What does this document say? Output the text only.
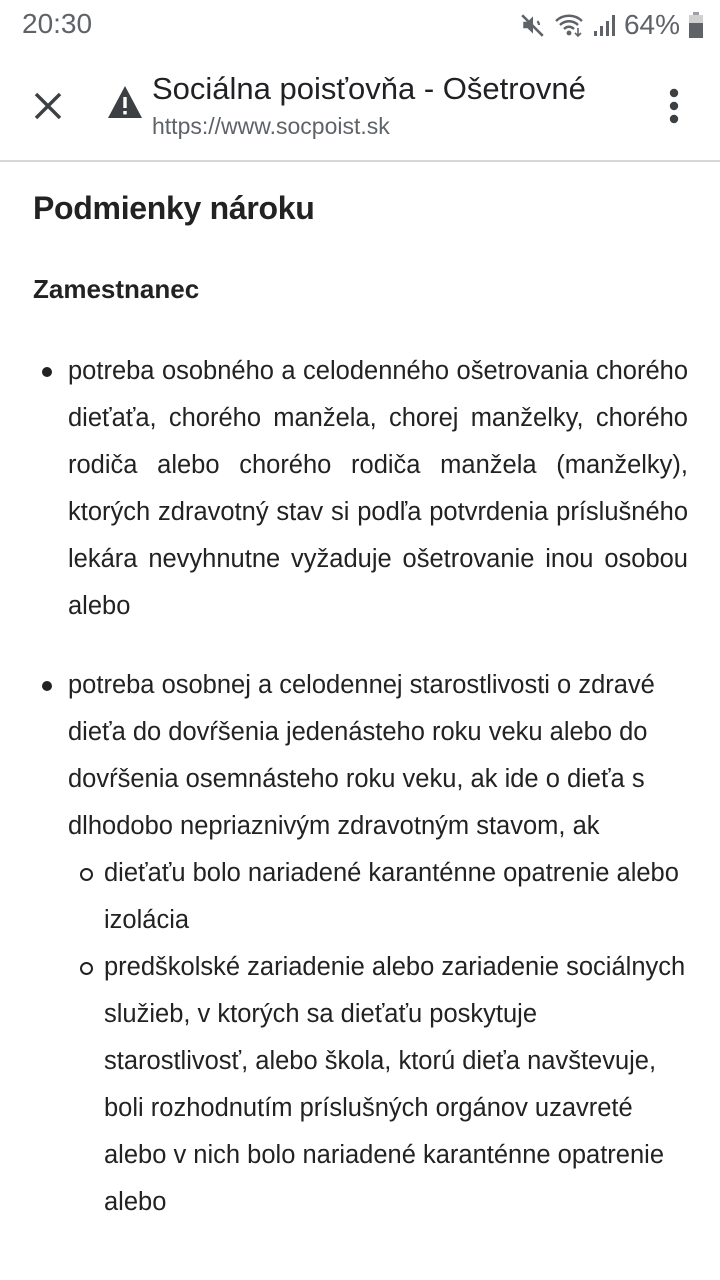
20:30	64%
Sociálna poisťovňa - Ošetrovné
https://www.socpoist.sk
Podmienky nároku
Zamestnanec
potreba osobného a celodenného ošetrovania chorého dieťaťa, chorého manžela, chorej manželky, chorého rodiča alebo chorého rodiča manžela (manželky), ktorých zdravotný stav si podľa potvrdenia príslušného lekára nevyhnutne vyžaduje ošetrovanie inou osobou alebo
potreba osobnej a celodennej starostlivosti o zdravé dieťa do dovŕšenia jedenásteho roku veku alebo do dovŕšenia osemnásteho roku veku, ak ide o dieťa s dlhodobo nepriaznivým zdravotným stavom, ak
dieťaťu bolo nariadené karanténne opatrenie alebo izolácia
predškolské zariadenie alebo zariadenie sociálnych služieb, v ktorých sa dieťaťu poskytuje starostlivosť, alebo škola, ktorú dieťa navštevuje, boli rozhodnutím príslušných orgánov uzavreté alebo v nich bolo nariadené karanténne opatrenie alebo
